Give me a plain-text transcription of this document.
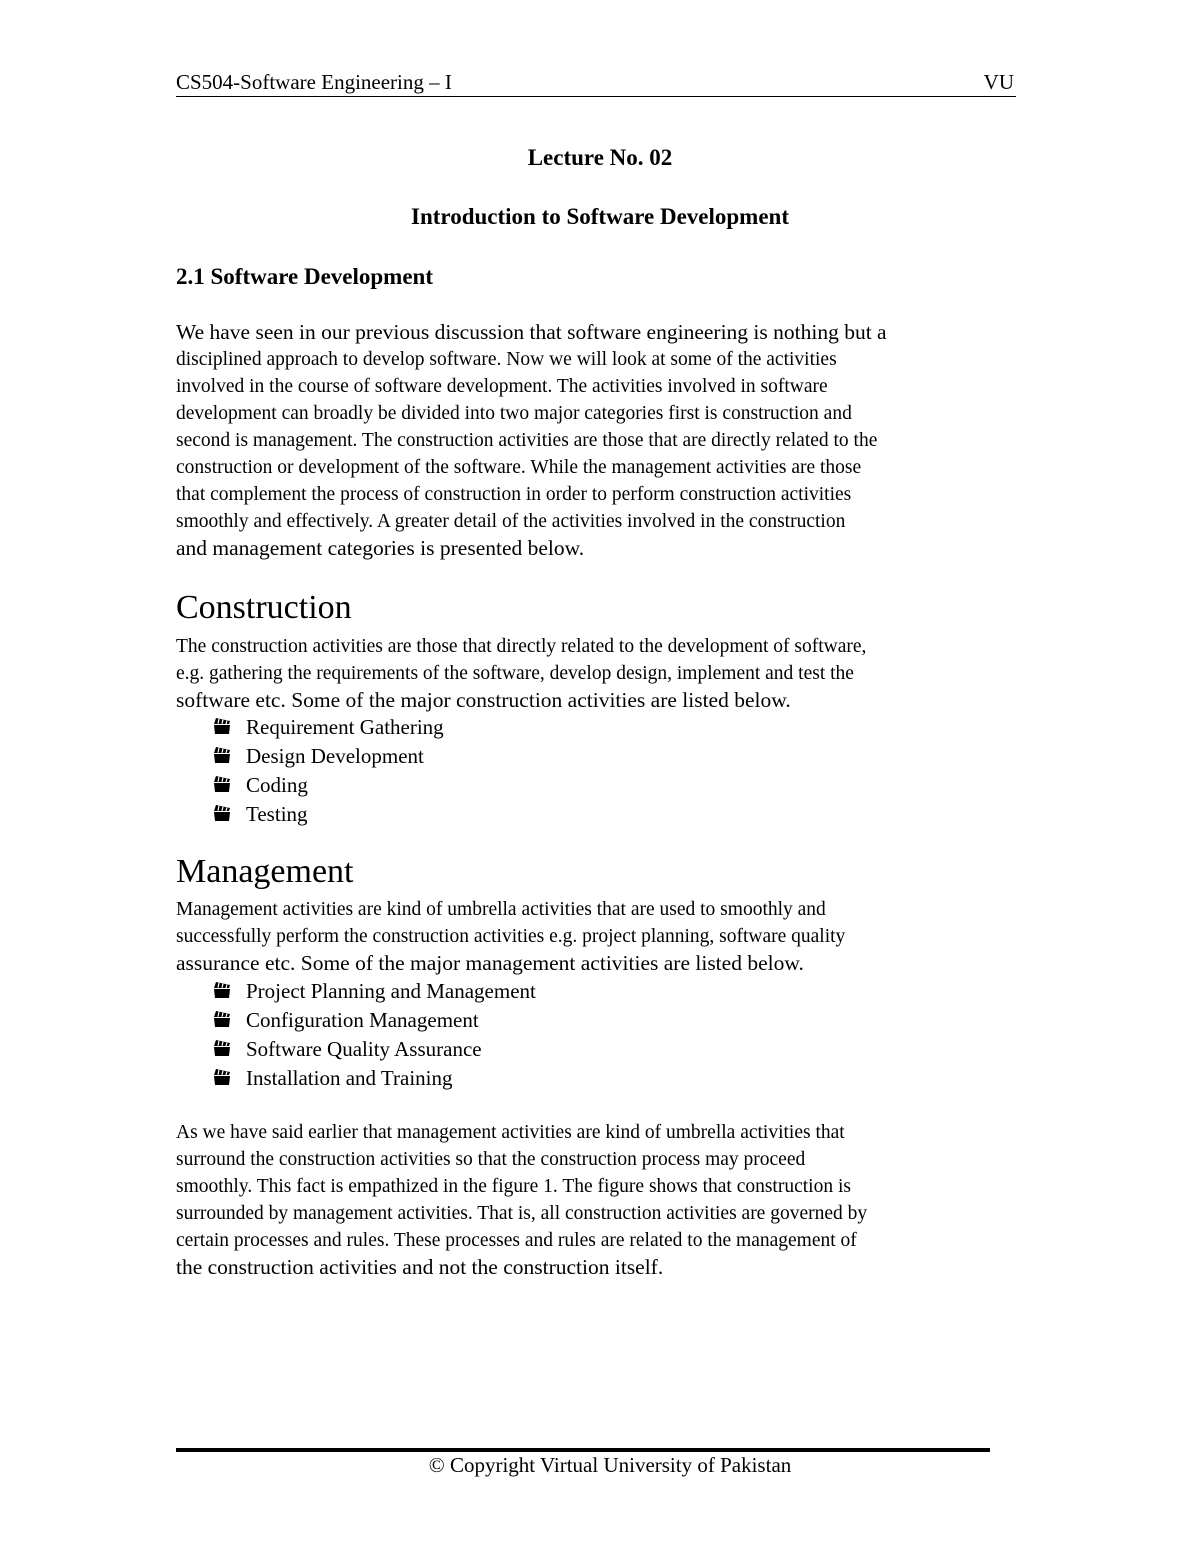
CS504-Software Engineering – I	VU
Lecture No. 02
Introduction to Software Development
2.1 Software Development
We have seen in our previous discussion that software engineering is nothing but a
disciplined approach to develop software. Now we will look at some of the activities
involved in the course of software development. The activities involved in software
development can broadly be divided into two major categories first is construction and
second is management. The construction activities are those that are directly related to the
construction or development of the software. While the management activities are those
that complement the process of construction in order to perform construction activities
smoothly and effectively. A greater detail of the activities involved in the construction
and management categories is presented below.
Construction
The construction activities are those that directly related to the development of software,
e.g. gathering the requirements of the software, develop design, implement and test the
software etc. Some of the major construction activities are listed below.
Requirement Gathering
Design Development
Coding
Testing
Management
Management activities are kind of umbrella activities that are used to smoothly and
successfully perform the construction activities e.g. project planning, software quality
assurance etc. Some of the major management activities are listed below.
Project Planning and Management
Configuration Management
Software Quality Assurance
Installation and Training
As we have said earlier that management activities are kind of umbrella activities that
surround the construction activities so that the construction process may proceed
smoothly. This fact is empathized in the figure 1. The figure shows that construction is
surrounded by management activities. That is, all construction activities are governed by
certain processes and rules. These processes and rules are related to the management of
the construction activities and not the construction itself.
© Copyright Virtual University of Pakistan
